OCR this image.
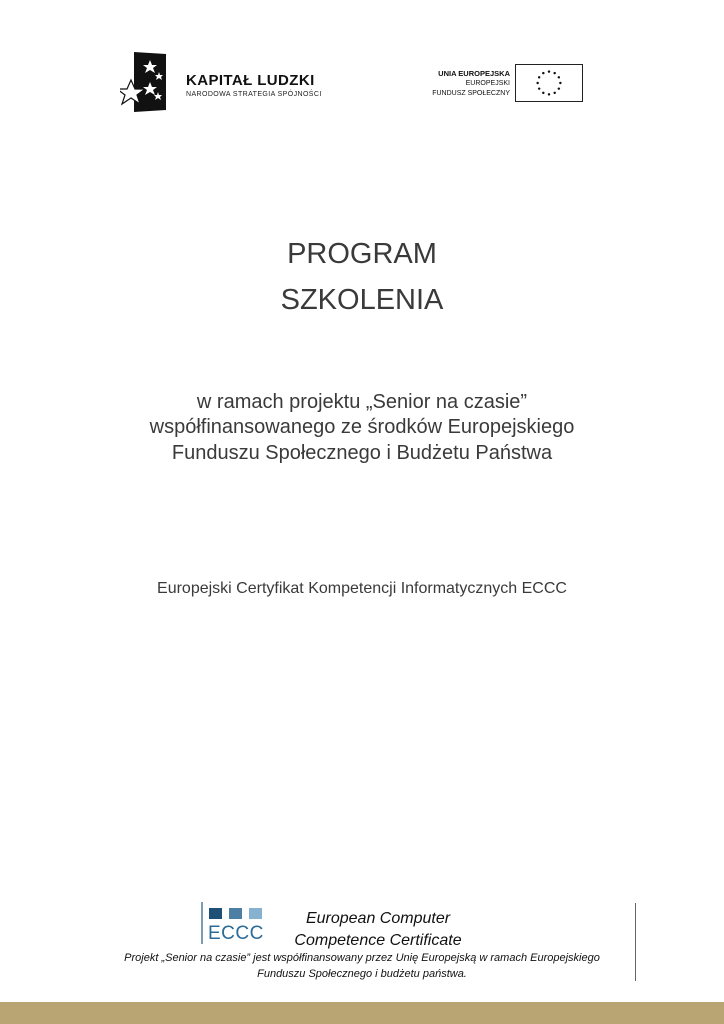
KAPITAŁ LUDZKI
NARODOWA STRATEGIA SPÓJNOŚCI
UNIA EUROPEJSKA
EUROPEJSKI
FUNDUSZ SPOŁECZNY
PROGRAM
SZKOLENIA
w ramach projektu „Senior na czasie”
współfinansowanego ze środków Europejskiego
Funduszu Społecznego i Budżetu Państwa
Europejski Certyfikat Kompetencji Informatycznych ECCC
ECCC
European Computer
Competence Certificate
Projekt „Senior na czasie” jest współfinansowany przez Unię Europejską w ramach Europejskiego
Funduszu Społecznego i budżetu państwa.
